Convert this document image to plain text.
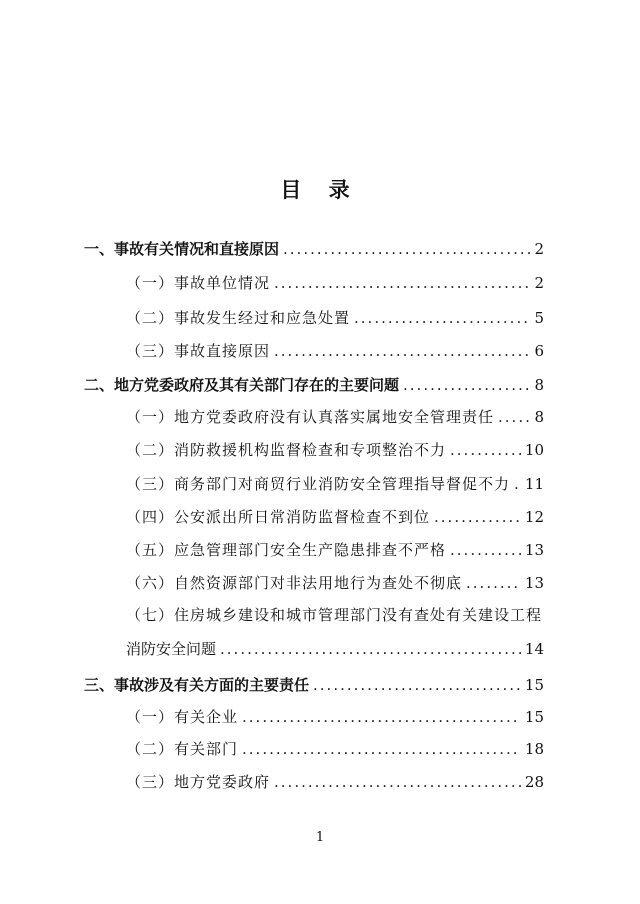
目 录
一、事故有关情况和直接原因 .....	2
（一）事故单位情况 .....	2
（二）事故发生经过和应急处置 .....	5
（三）事故直接原因 .....	6
二、地方党委政府及其有关部门存在的主要问题 .....	8
（一）地方党委政府没有认真落实属地安全管理责任 .....	8
（二）消防救援机构监督检查和专项整治不力 .....	10
（三）商务部门对商贸行业消防安全管理指导督促不力 ..... 11
（四）公安派出所日常消防监督检查不到位 .....	12
（五）应急管理部门安全生产隐患排查不严格 .....	13
（六）自然资源部门对非法用地行为查处不彻底 .....	13
（七）住房城乡建设和城市管理部门没有查处有关建设工程
消防安全问题 .....	14
三、事故涉及有关方面的主要责任 .....	15
（一）有关企业 .....	15
（二）有关部门 .....	18
（三）地方党委政府 .....	28
1
